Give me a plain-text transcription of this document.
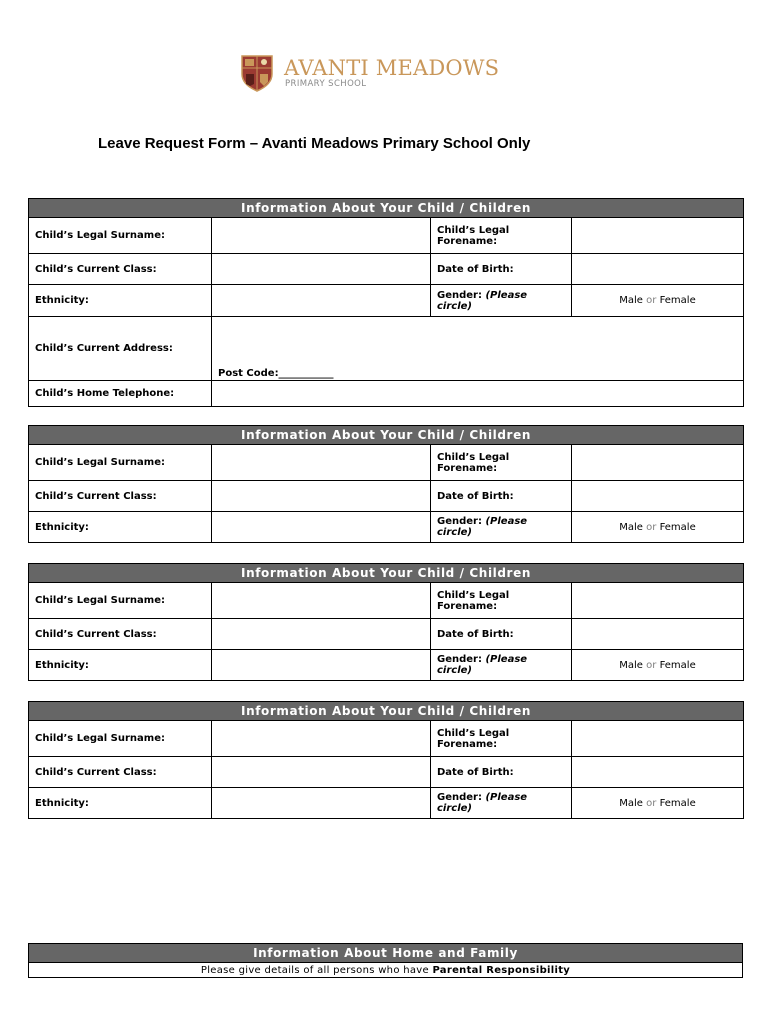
AVANTI MEADOWS
PRIMARY SCHOOL
Leave Request Form – Avanti Meadows Primary School Only
Information About Your Child / Children			
Child’s Legal Surname:		Child’s Legal Forename:	
Child’s Current Class:		Date of Birth:	
Ethnicity:		Gender: (Please circle)	Male or Female
Child’s Current Address:	Post Code:___________		

Child’s Home Telephone:			
Information About Your Child / Children			
Child’s Legal Surname:		Child’s Legal Forename:	
Child’s Current Class:		Date of Birth:	
Ethnicity:		Gender: (Please circle)	Male or Female
Information About Your Child / Children			
Child’s Legal Surname:		Child’s Legal Forename:	
Child’s Current Class:		Date of Birth:	
Ethnicity:		Gender: (Please circle)	Male or Female
Information About Your Child / Children			
Child’s Legal Surname:		Child’s Legal Forename:	
Child’s Current Class:		Date of Birth:	
Ethnicity:		Gender: (Please circle)	Male or Female
Information About Home and Family
Please give details of all persons who have Parental Responsibility
